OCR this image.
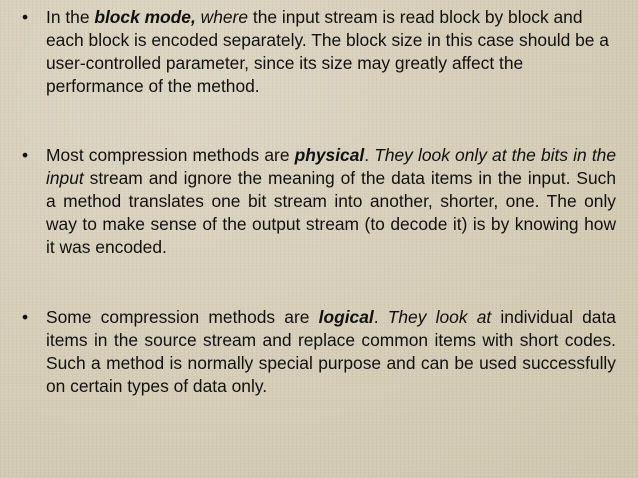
•	In the block mode, where the input stream is read block by block and each block is encoded separately. The block size in this case should be a user-controlled parameter, since its size may greatly affect the performance of the method.
•	Most compression methods are physical. They look only at the bits in the input stream and ignore the meaning of the data items in the input. Such a method translates one bit stream into another, shorter, one. The only way to make sense of the output stream (to decode it) is by knowing how it was encoded.
•	Some compression methods are logical. They look at individual data items in the source stream and replace common items with short codes. Such a method is normally special purpose and can be used successfully on certain types of data only.
